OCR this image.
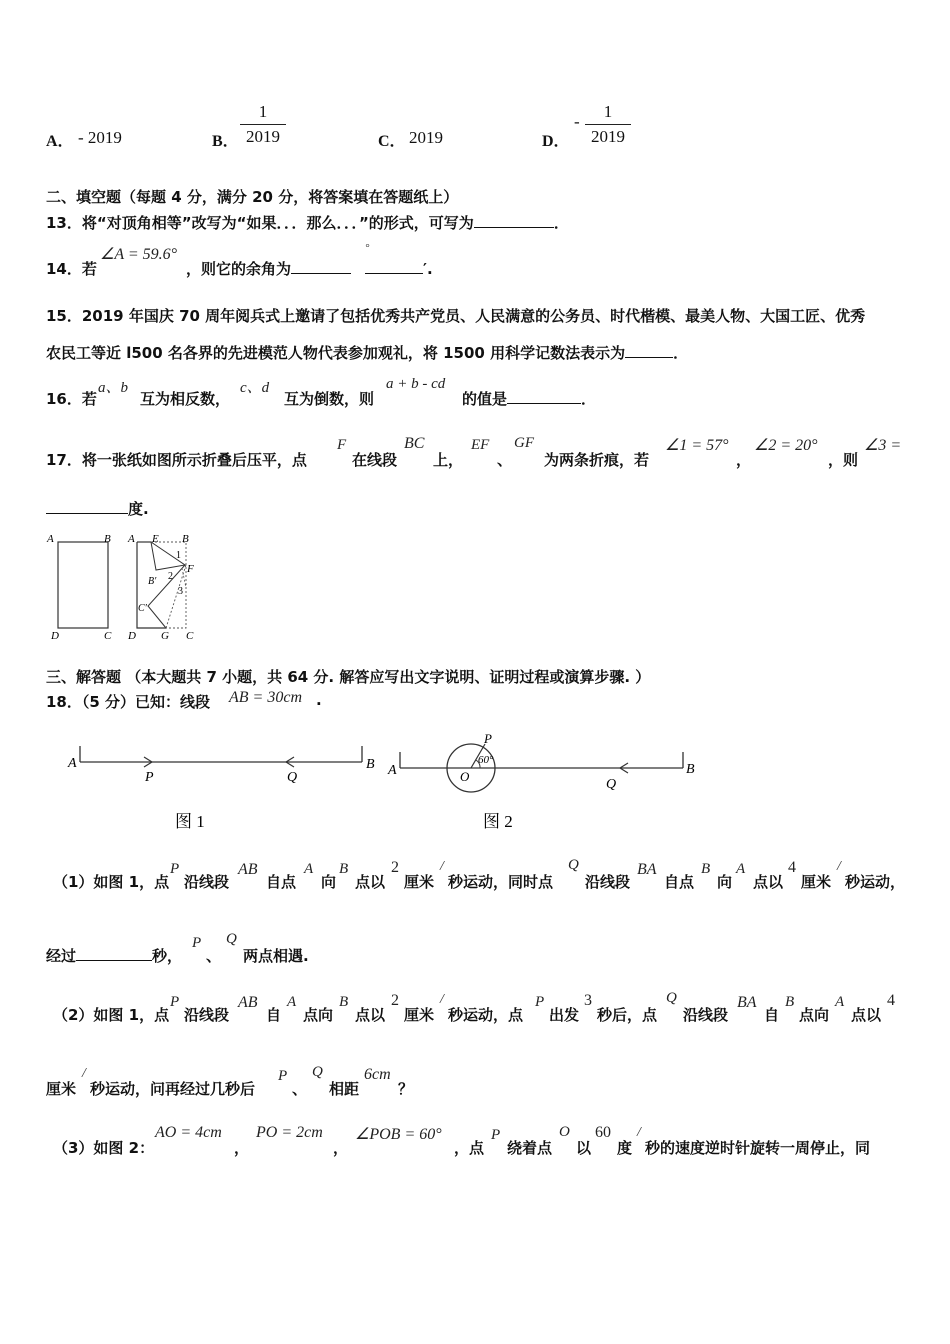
A． - 2019	B．
1
2019	C． 2019	D．
-
1
2019
二、填空题（每题 4 分，满分 20 分，将答案填在答题纸上）
13．将“对顶角相等”改写为“如果．．．那么．．．”的形式，可写为	．
14．若
∠A = 59.6°
，则它的余角为	′.
°
15．2019 年国庆 70 周年阅兵式上邀请了包括优秀共产党员、人民满意的公务员、时代楷模、最美人物、大国工匠、优秀
农民工等近 l500 名各界的先进模范人物代表参加观礼，将 1500 用科学记数法表示为	．
16．若
a、b
互为相反数，
c、d
互为倒数，则
a + b - cd
的值是	．
17．将一张纸如图所示折叠后压平，点
F
在线段
BC
上，
EF
、
GF
为两条折痕，若
∠1 = 57°
，
∠2 = 20°
，则
∠3 =
度.
A	B
D	C
A E B
1
B′ 2
F
3
C′
D G C
三、解答题 （本大题共 7 小题，共 64 分. 解答应写出文字说明、证明过程或演算步骤. ）
18．（5 分）已知：线段 AB = 30cm .
A	B
P	Q
图 1
A	B
P
O
60°
Q
图 2
（1）如图 1，点
P
沿线段
AB
自点
A
向
B
点以
2
厘米
/
秒运动，同时点
Q
沿线段
BA
自点
B
向
A
点以
4
厘米
/
秒运动，
经过	秒，
P
、
Q
两点相遇.
（2）如图 1，点
P
沿线段
AB
自
A
点向
B
点以
2
厘米
/
秒运动，点
P
出发
3
秒后，点
Q
沿线段
BA
自
B
点向
A
点以
4
厘米
/
秒运动，问再经过几秒后
P
、
Q
相距
6cm
？
（3）如图 2：
AO = 4cm
，
PO = 2cm
，
∠POB = 60°
，点
P
绕着点
O
以
60
度
/
秒的速度逆时针旋转一周停止，同
